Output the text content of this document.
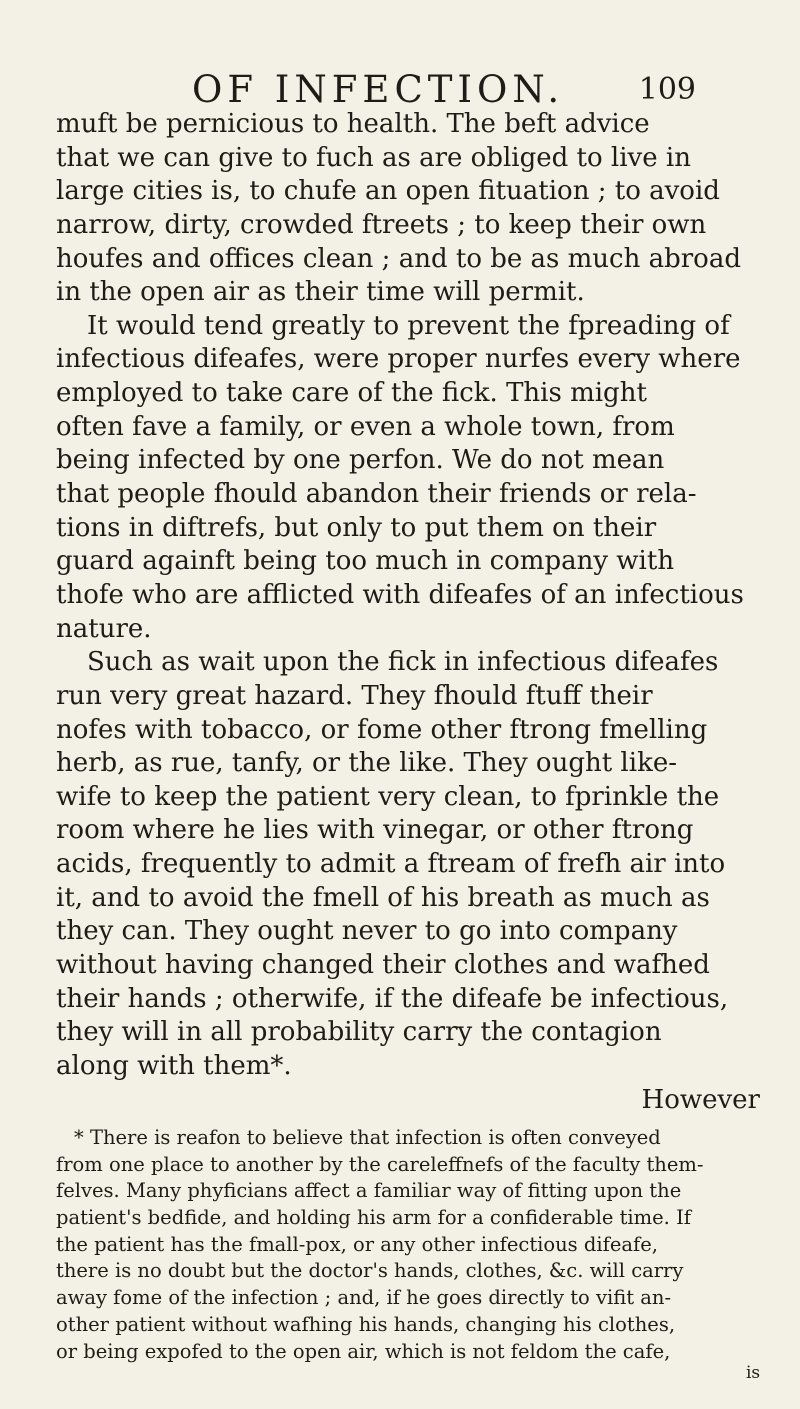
OF INFECTION. 109
muft be pernicious to health. The beft advice
that we can give to fuch as are obliged to live in
large cities is, to chufe an open fituation ; to avoid
narrow, dirty, crowded ftreets ; to keep their own
houfes and offices clean ; and to be as much abroad
in the open air as their time will permit.
It would tend greatly to prevent the fpreading of
infectious difeafes, were proper nurfes every where
employed to take care of the fick. This might
often fave a family, or even a whole town, from
being infected by one perfon. We do not mean
that people fhould abandon their friends or rela-
tions in diftrefs, but only to put them on their
guard againft being too much in company with
thofe who are afflicted with difeafes of an infectious
nature.
Such as wait upon the fick in infectious difeafes
run very great hazard. They fhould ftuff their
nofes with tobacco, or fome other ftrong fmelling
herb, as rue, tanfy, or the like. They ought like-
wife to keep the patient very clean, to fprinkle the
room where he lies with vinegar, or other ftrong
acids, frequently to admit a ftream of frefh air into
it, and to avoid the fmell of his breath as much as
they can. They ought never to go into company
without having changed their clothes and wafhed
their hands ; otherwife, if the difeafe be infectious,
they will in all probability carry the contagion
along with them*.
However
* There is reafon to believe that infection is often conveyed
from one place to another by the careleffnefs of the faculty them-
felves. Many phyficians affect a familiar way of fitting upon the
patient's bedfide, and holding his arm for a confiderable time. If
the patient has the fmall-pox, or any other infectious difeafe,
there is no doubt but the doctor's hands, clothes, &c. will carry
away fome of the infection ; and, if he goes directly to vifit an-
other patient without wafhing his hands, changing his clothes,
or being expofed to the open air, which is not feldom the cafe,
is
